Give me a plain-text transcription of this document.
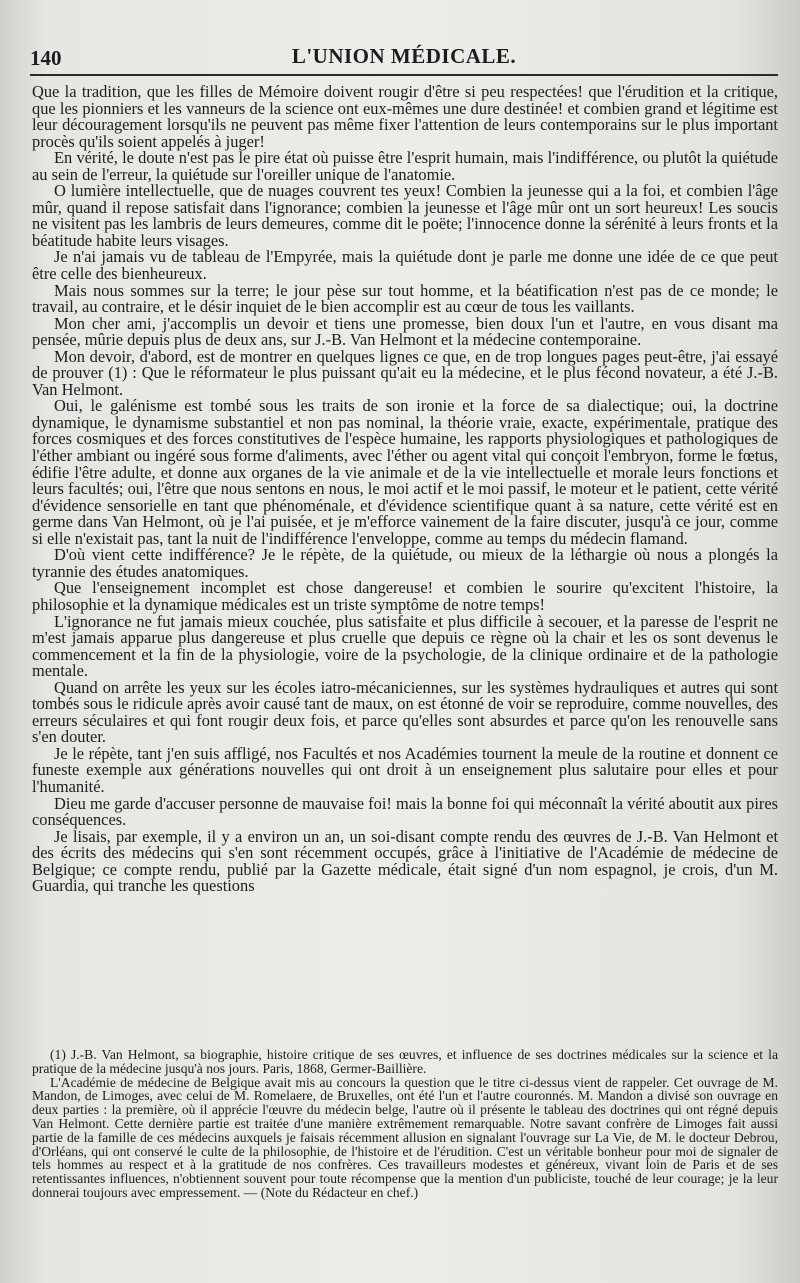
140	L'UNION MÉDICALE.

Que la tradition, que les filles de Mémoire doivent rougir d'être si peu respectées! que l'érudition et la critique, que les pionniers et les vanneurs de la science ont eux-mêmes une dure destinée! et combien grand et légitime est leur découragement lorsqu'ils ne peuvent pas même fixer l'attention de leurs contemporains sur le plus important procès qu'ils soient appelés à juger!

En vérité, le doute n'est pas le pire état où puisse être l'esprit humain, mais l'indifférence, ou plutôt la quiétude au sein de l'erreur, la quiétude sur l'oreiller unique de l'anatomie.

O lumière intellectuelle, que de nuages couvrent tes yeux! Combien la jeunesse qui a la foi, et combien l'âge mûr, quand il repose satisfait dans l'ignorance; combien la jeunesse et l'âge mûr ont un sort heureux! Les soucis ne visitent pas les lambris de leurs demeures, comme dit le poëte; l'innocence donne la sérénité à leurs fronts et la béatitude habite leurs visages.

Je n'ai jamais vu de tableau de l'Empyrée, mais la quiétude dont je parle me donne une idée de ce que peut être celle des bienheureux.

Mais nous sommes sur la terre; le jour pèse sur tout homme, et la béatification n'est pas de ce monde; le travail, au contraire, et le désir inquiet de le bien accomplir est au cœur de tous les vaillants.

Mon cher ami, j'accomplis un devoir et tiens une promesse, bien doux l'un et l'autre, en vous disant ma pensée, mûrie depuis plus de deux ans, sur J.-B. Van Helmont et la médecine contemporaine.

Mon devoir, d'abord, est de montrer en quelques lignes ce que, en de trop longues pages peut-être, j'ai essayé de prouver (1) : Que le réformateur le plus puissant qu'ait eu la médecine, et le plus fécond novateur, a été J.-B. Van Helmont.

Oui, le galénisme est tombé sous les traits de son ironie et la force de sa dialectique; oui, la doctrine dynamique, le dynamisme substantiel et non pas nominal, la théorie vraie, exacte, expérimentale, pratique des forces cosmiques et des forces constitutives de l'espèce humaine, les rapports physiologiques et pathologiques de l'éther ambiant ou ingéré sous forme d'aliments, avec l'éther ou agent vital qui conçoit l'embryon, forme le fœtus, édifie l'être adulte, et donne aux organes de la vie animale et de la vie intellectuelle et morale leurs fonctions et leurs facultés; oui, l'être que nous sentons en nous, le moi actif et le moi passif, le moteur et le patient, cette vérité d'évidence sensorielle en tant que phénoménale, et d'évidence scientifique quant à sa nature, cette vérité est en germe dans Van Helmont, où je l'ai puisée, et je m'efforce vainement de la faire discuter, jusqu'à ce jour, comme si elle n'existait pas, tant la nuit de l'indifférence l'enveloppe, comme au temps du médecin flamand.

D'où vient cette indifférence? Je le répète, de la quiétude, ou mieux de la léthargie où nous a plongés la tyrannie des études anatomiques.

Que l'enseignement incomplet est chose dangereuse! et combien le sourire qu'excitent l'histoire, la philosophie et la dynamique médicales est un triste symptôme de notre temps!

L'ignorance ne fut jamais mieux couchée, plus satisfaite et plus difficile à secouer, et la paresse de l'esprit ne m'est jamais apparue plus dangereuse et plus cruelle que depuis ce règne où la chair et les os sont devenus le commencement et la fin de la physiologie, voire de la psychologie, de la clinique ordinaire et de la pathologie mentale.

Quand on arrête les yeux sur les écoles iatro-mécaniciennes, sur les systèmes hydrauliques et autres qui sont tombés sous le ridicule après avoir causé tant de maux, on est étonné de voir se reproduire, comme nouvelles, des erreurs séculaires et qui font rougir deux fois, et parce qu'elles sont absurdes et parce qu'on les renouvelle sans s'en douter.

Je le répète, tant j'en suis affligé, nos Facultés et nos Académies tournent la meule de la routine et donnent ce funeste exemple aux générations nouvelles qui ont droit à un enseignement plus salutaire pour elles et pour l'humanité.

Dieu me garde d'accuser personne de mauvaise foi! mais la bonne foi qui méconnaît la vérité aboutit aux pires conséquences.

Je lisais, par exemple, il y a environ un an, un soi-disant compte rendu des œuvres de J.-B. Van Helmont et des écrits des médecins qui s'en sont récemment occupés, grâce à l'initiative de l'Académie de médecine de Belgique; ce compte rendu, publié par la Gazette médicale, était signé d'un nom espagnol, je crois, d'un M. Guardia, qui tranche les questions

(1) J.-B. Van Helmont, sa biographie, histoire critique de ses œuvres, et influence de ses doctrines médicales sur la science et la pratique de la médecine jusqu'à nos jours. Paris, 1868, Germer-Baillière.

L'Académie de médecine de Belgique avait mis au concours la question que le titre ci-dessus vient de rappeler. Cet ouvrage de M. Mandon, de Limoges, avec celui de M. Romelaere, de Bruxelles, ont été l'un et l'autre couronnés. M. Mandon a divisé son ouvrage en deux parties : la première, où il apprécie l'œuvre du médecin belge, l'autre où il présente le tableau des doctrines qui ont régné depuis Van Helmont. Cette dernière partie est traitée d'une manière extrêmement remarquable. Notre savant confrère de Limoges fait aussi partie de la famille de ces médecins auxquels je faisais récemment allusion en signalant l'ouvrage sur La Vie, de M. le docteur Debrou, d'Orléans, qui ont conservé le culte de la philosophie, de l'histoire et de l'érudition. C'est un véritable bonheur pour moi de signaler de tels hommes au respect et à la gratitude de nos confrères. Ces travailleurs modestes et généreux, vivant loin de Paris et de ses retentissantes influences, n'obtiennent souvent pour toute récompense que la mention d'un publiciste, touché de leur courage; je la leur donnerai toujours avec empressement. — (Note du Rédacteur en chef.)
